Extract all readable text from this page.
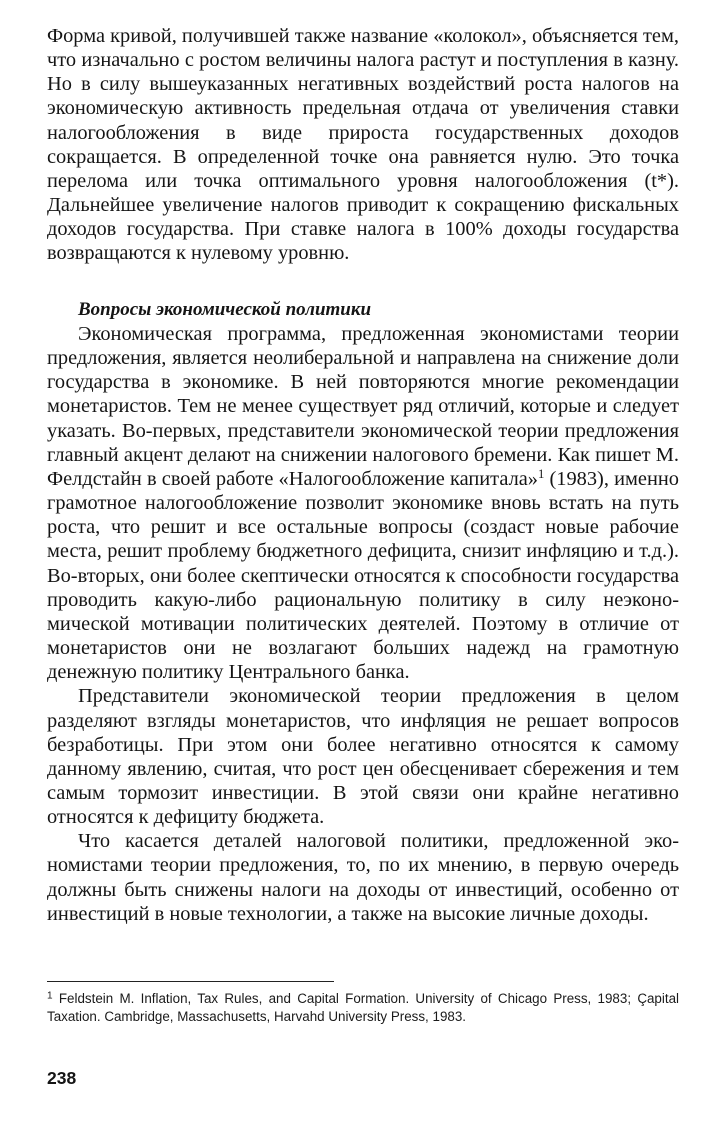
Форма кривой, получившей также название «колокол», объясняется тем, что изначально с ростом величины налога растут и поступления в казну. Но в силу вышеуказанных негативных воздействий роста налогов на экономическую активность предельная отдача от увеличения ставки налогообложения в виде прироста государственных доходов сокращается. В определенной точке она равняется нулю. Это точка перелома или точка оптимального уровня налогообложения (t*). Дальнейшее увеличение налогов приводит к сокращению фискальных доходов государства. При ставке налога в 100% доходы государства возвращаются к нулевому уровню.
Вопросы экономической политики

Экономическая программа, предложенная экономистами теории предложения, является неолиберальной и направлена на снижение доли государства в экономике. В ней повторяются многие рекомендации монетаристов. Тем не менее существует ряд отличий, которые и следует указать. Во-первых, представители экономической теории предложения главный акцент делают на снижении налогового бремени. Как пишет М. Фелдстайн в своей работе «Налогообложение капитала»$^1$ (1983), именно грамотное налогообложение позволит экономике вновь встать на путь роста, что решит и все остальные вопросы (создаст новые рабочие места, решит проблему бюджетного дефицита, снизит инфляцию и т.д.). Во-вторых, они более скептически относятся к способности государства проводить какую-либо рациональную политику в силу неэкономической мотивации политических деятелей. Поэтому в отличие от монетаристов они не возлагают больших надежд на грамотную денежную политику Центрального банка.

Представители экономической теории предложения в целом разделяют взгляды монетаристов, что инфляция не решает вопросов безработицы. При этом они более негативно относятся к самому данному явлению, считая, что рост цен обесценивает сбережения и тем самым тормозит инвестиции. В этой связи они крайне негативно относятся к дефициту бюджета.

Что касается деталей налоговой политики, предложенной экономистами теории предложения, то, по их мнению, в первую очередь должны быть снижены налоги на доходы от инвестиций, особенно от инвестиций в новые технологии, а также на высокие личные доходы.

$^1$ Feldstein M. Inflation, Tax Rules, and Capital Formation. University of Chicago Press, 1983; Çapital Taxation. Cambridge, Massachusetts, Harvahd University Press, 1983.
238
